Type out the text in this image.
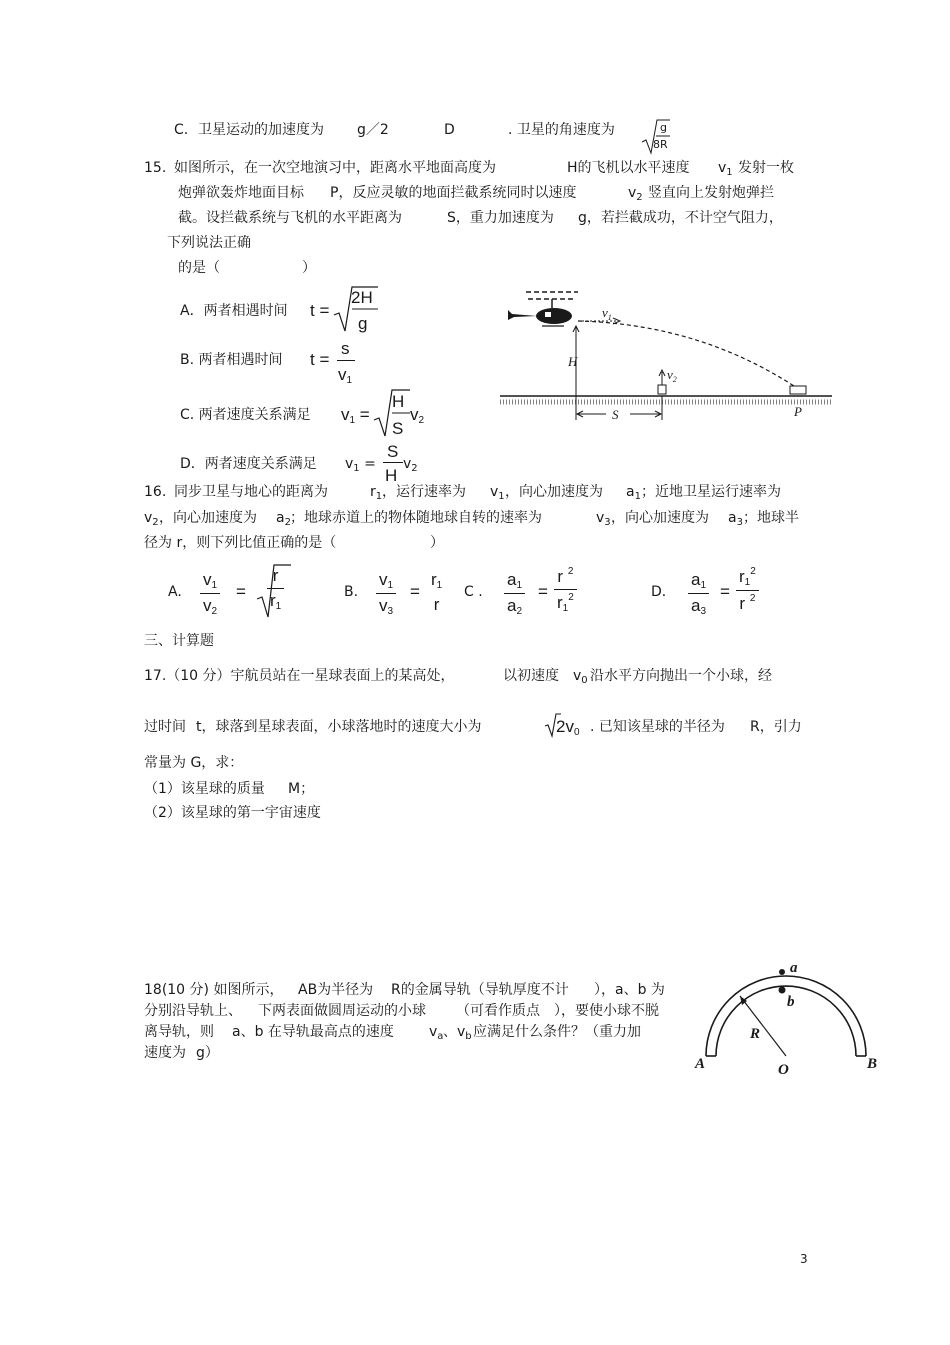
C. 卫星运动的加速度为 g／2	D	. 卫星的角速度为	g
8R
15. 如图所示，在一次空地演习中，距离水平地面高度为	H的飞机以水平速度 $v_1$ 发射一枚
炮弹欲轰炸地面目标 P，反应灵敏的地面拦截系统同时以速度	$v_2$ 竖直向上发射炮弹拦
截。设拦截系统与飞机的水平距离为	S，重力加速度为 g，若拦截成功，不计空气阻力，
下列说法正确
的是（	）
A．两者相遇时间 t =
2H
g
B. 两者相遇时间 t =
s
$v_1$
C. 两者速度关系满足 $v_1$ =
H
S
$v_2$
D．两者速度关系满足 $v_1$ =
S
H
$v_2$
$v_1$
H
$v_2$
S	P
16. 同步卫星与地心的距离为	$r_1$ ，运行速率为 $v_1$ ，向心加速度为 $a_1$ ；近地卫星运行速率为
$v_2$ ，向心加速度为 $a_2$ ；地球赤道上的物体随地球自转的速率为	$v_3$ ，向心加速度为 $a_3$ ；地球半
径为 r，则下列比值正确的是（	）
A. $\frac{v_1}{v_2} = \frac{r}{r_1}$	B. $\frac{v_1}{v_3}$ =
$r_1$
r
C . $\frac{a_1}{a_2} = \frac{r ^2}{r_1^2}$	D． $\frac{a_1}{a_3} = \frac{r_1^2}{r ^2}$
三、计算题
17.（10 分）宇航员站在一星球表面上的某高处，	以初速度 $v_0$ 沿水平方向抛出一个小球，经
过时间 t，球落到星球表面，小球落地时的速度大小为	$2v_0$ . 已知该星球的半径为 R，引力
常量为 G，求：
（1）该星球的质量 M；
（2）该星球的第一宇宙速度
18(10 分) 如图所示， AB为半径为 R的金属导轨（导轨厚度不计 ），a、b 为
分别沿导轨上、 下两表面做圆周运动的小球 （可看作质点 ），要使小球不脱
离导轨，则 a、b 在导轨最高点的速度	$v_a$ 、$v_b$ 应满足什么条件？（重力加
速度为 g）
a
b
R
A	O	B
3
